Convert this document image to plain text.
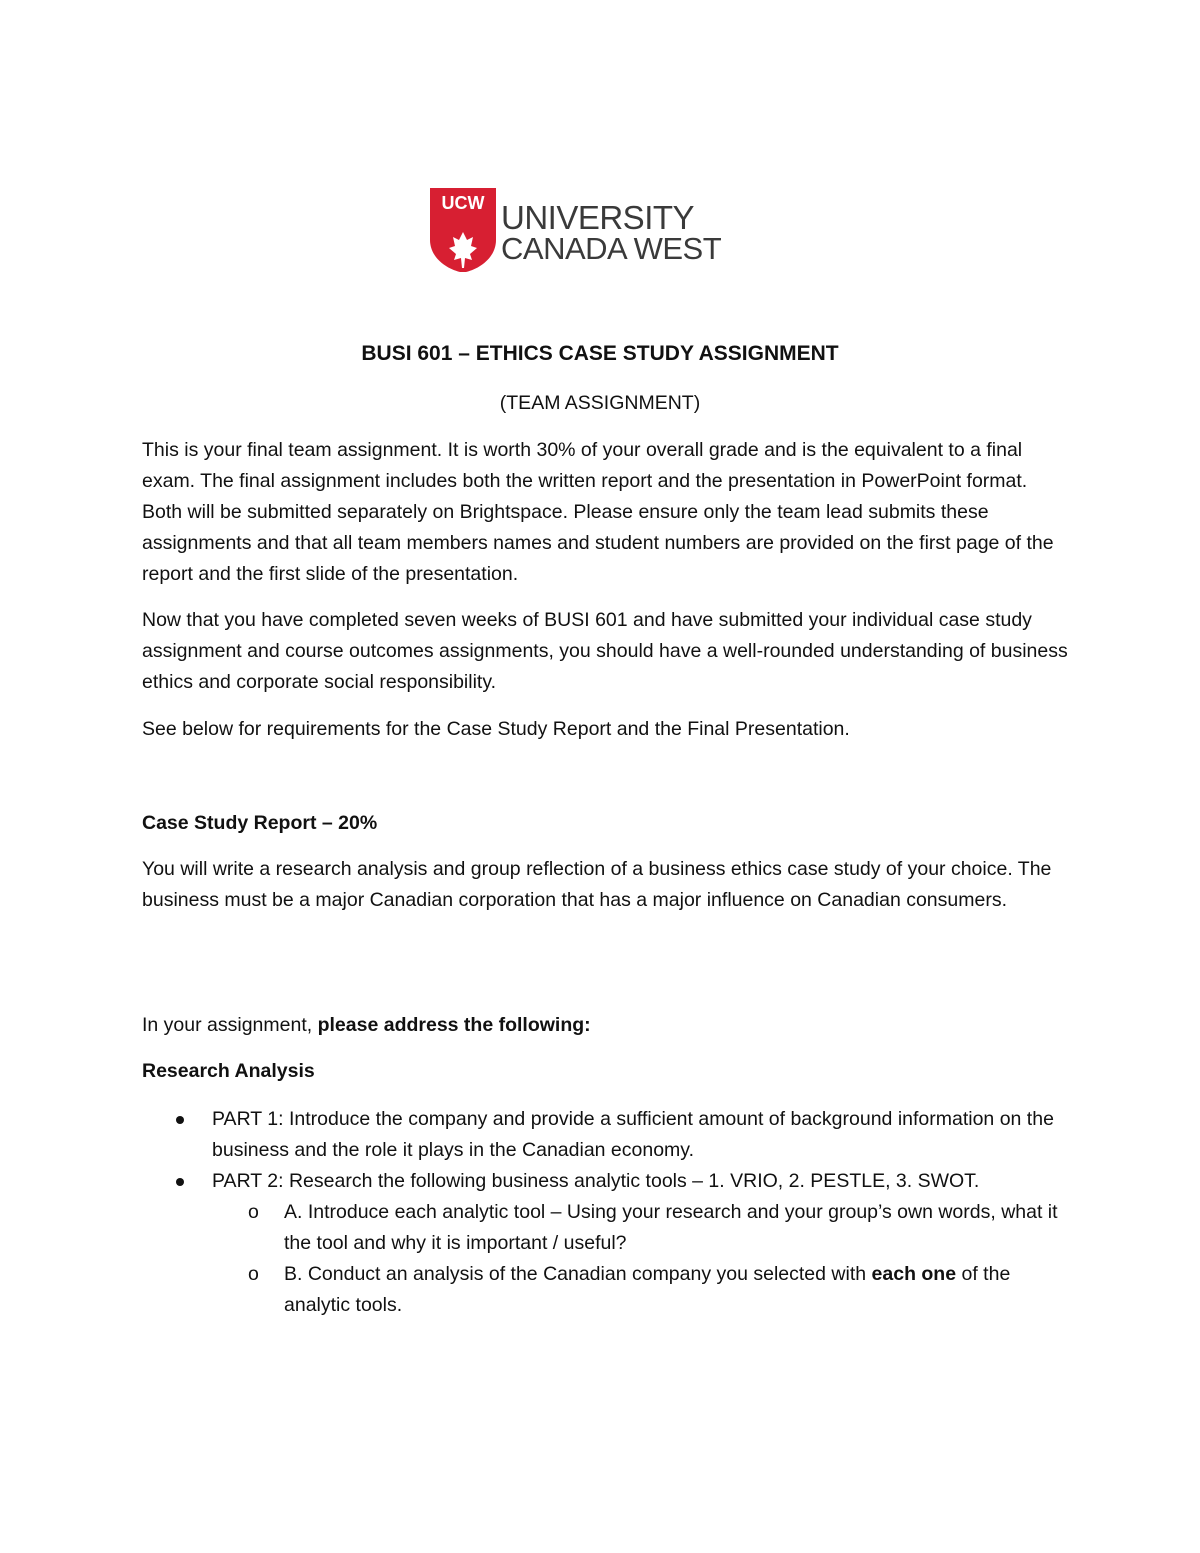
UCW UNIVERSITY
CANADA WEST
BUSI 601 – ETHICS CASE STUDY ASSIGNMENT
(TEAM ASSIGNMENT)

This is your final team assignment. It is worth 30% of your overall grade and is the equivalent to a final exam. The final assignment includes both the written report and the presentation in PowerPoint format. Both will be submitted separately on Brightspace. Please ensure only the team lead submits these assignments and that all team members names and student numbers are provided on the first page of the report and the first slide of the presentation.

Now that you have completed seven weeks of BUSI 601 and have submitted your individual case study assignment and course outcomes assignments, you should have a well-rounded understanding of business ethics and corporate social responsibility.

See below for requirements for the Case Study Report and the Final Presentation.

Case Study Report – 20%

You will write a research analysis and group reflection of a business ethics case study of your choice. The business must be a major Canadian corporation that has a major influence on Canadian consumers.

In your assignment, please address the following:

Research Analysis

PART 1: Introduce the company and provide a sufficient amount of background information on the business and the role it plays in the Canadian economy.
PART 2: Research the following business analytic tools – 1. VRIO, 2. PESTLE, 3. SWOT.
o A. Introduce each analytic tool – Using your research and your group’s own words, what it the tool and why it is important / useful?
o B. Conduct an analysis of the Canadian company you selected with each one of the analytic tools.
